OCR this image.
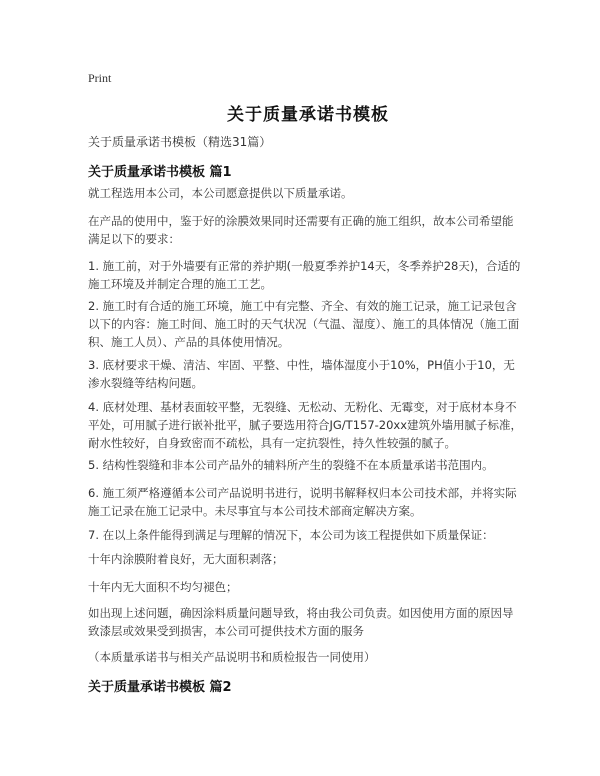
Print
关于质量承诺书模板
关于质量承诺书模板（精选31篇）
关于质量承诺书模板 篇1

就工程选用本公司，本公司愿意提供以下质量承诺。

在产品的使用中，鉴于好的涂膜效果同时还需要有正确的施工组织，故本公司希望能满足以下的要求：

1. 施工前，对于外墙要有正常的养护期(一般夏季养护14天，冬季养护28天)，合适的施工环境及并制定合理的施工工艺。

2. 施工时有合适的施工环境，施工中有完整、齐全、有效的施工记录，施工记录包含以下的内容：施工时间、施工时的天气状况（气温、湿度）、施工的具体情况（施工面积、施工人员）、产品的具体使用情况。

3. 底材要求干燥、清洁、牢固、平整、中性，墙体湿度小于10%，PH值小于10，无渗水裂缝等结构问题。

4. 底材处理、基材表面较平整，无裂缝、无松动、无粉化、无霉变，对于底材本身不平处，可用腻子进行嵌补批平，腻子要选用符合JG/T157-20xx建筑外墙用腻子标准，耐水性较好，自身致密而不疏松，具有一定抗裂性，持久性较强的腻子。

5. 结构性裂缝和非本公司产品外的辅料所产生的裂缝不在本质量承诺书范围内。

6. 施工须严格遵循本公司产品说明书进行，说明书解释权归本公司技术部，并将实际施工记录在施工记录中。未尽事宜与本公司技术部商定解决方案。

7. 在以上条件能得到满足与理解的情况下，本公司为该工程提供如下质量保证：

十年内涂膜附着良好，无大面积剥落；

十年内无大面积不均匀褪色；

如出现上述问题，确因涂料质量问题导致，将由我公司负责。如因使用方面的原因导致漆层或效果受到损害，本公司可提供技术方面的服务

（本质量承诺书与相关产品说明书和质检报告一同使用）

关于质量承诺书模板 篇2
